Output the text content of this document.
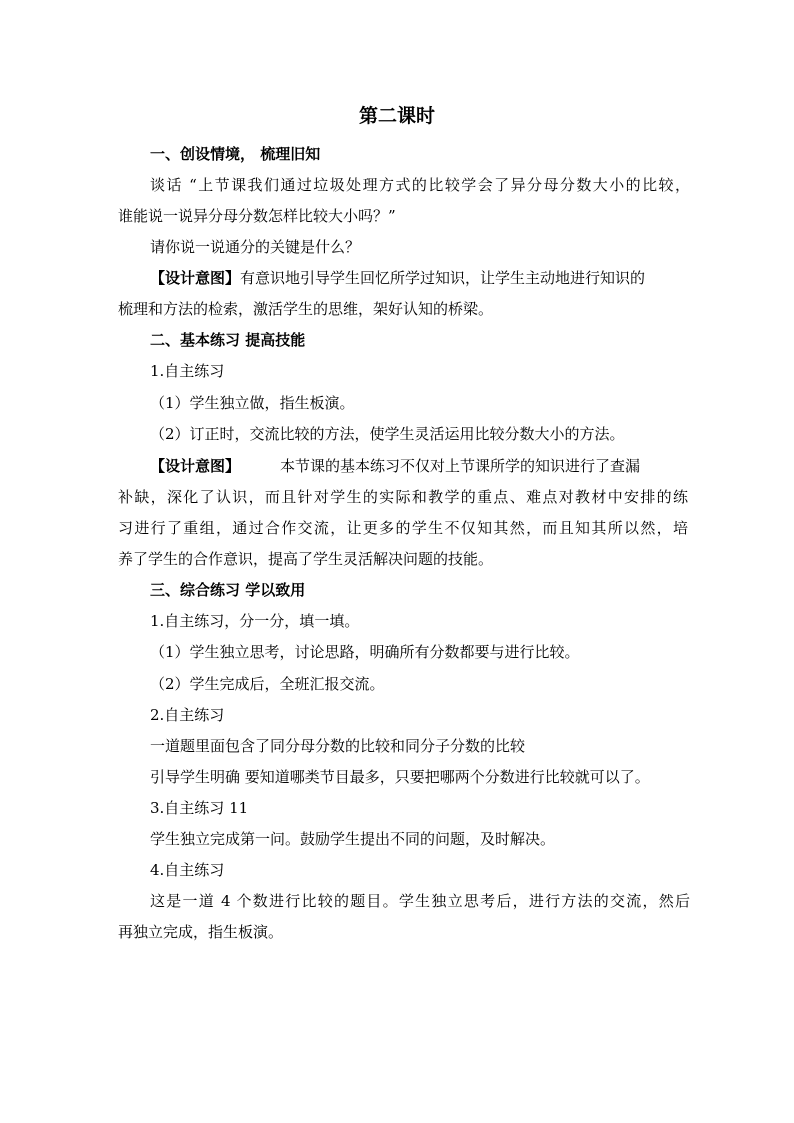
第二课时
一、创设情境， 梳理旧知
谈话 “上节课我们通过垃圾处理方式的比较学会了异分母分数大小的比较，
谁能说一说异分母分数怎样比较大小吗？”
请你说一说通分的关键是什么？
【设计意图】有意识地引导学生回忆所学过知识，让学生主动地进行知识的
梳理和方法的检索，激活学生的思维，架好认知的桥梁。
二、基本练习 提高技能
1.自主练习
（1）学生独立做，指生板演。
（2）订正时，交流比较的方法，使学生灵活运用比较分数大小的方法。
【设计意图】	本节课的基本练习不仅对上节课所学的知识进行了查漏
补缺，深化了认识，而且针对学生的实际和教学的重点、难点对教材中安排的练
习进行了重组，通过合作交流，让更多的学生不仅知其然，而且知其所以然，培
养了学生的合作意识，提高了学生灵活解决问题的技能。
三、综合练习 学以致用
1.自主练习，分一分，填一填。
（1）学生独立思考，讨论思路，明确所有分数都要与进行比较。
（2）学生完成后，全班汇报交流。
2.自主练习
一道题里面包含了同分母分数的比较和同分子分数的比较
引导学生明确 要知道哪类节目最多，只要把哪两个分数进行比较就可以了。
3.自主练习 11
学生独立完成第一问。鼓励学生提出不同的问题，及时解决。
4.自主练习
这是一道 4 个数进行比较的题目。学生独立思考后，进行方法的交流，然后
再独立完成，指生板演。
